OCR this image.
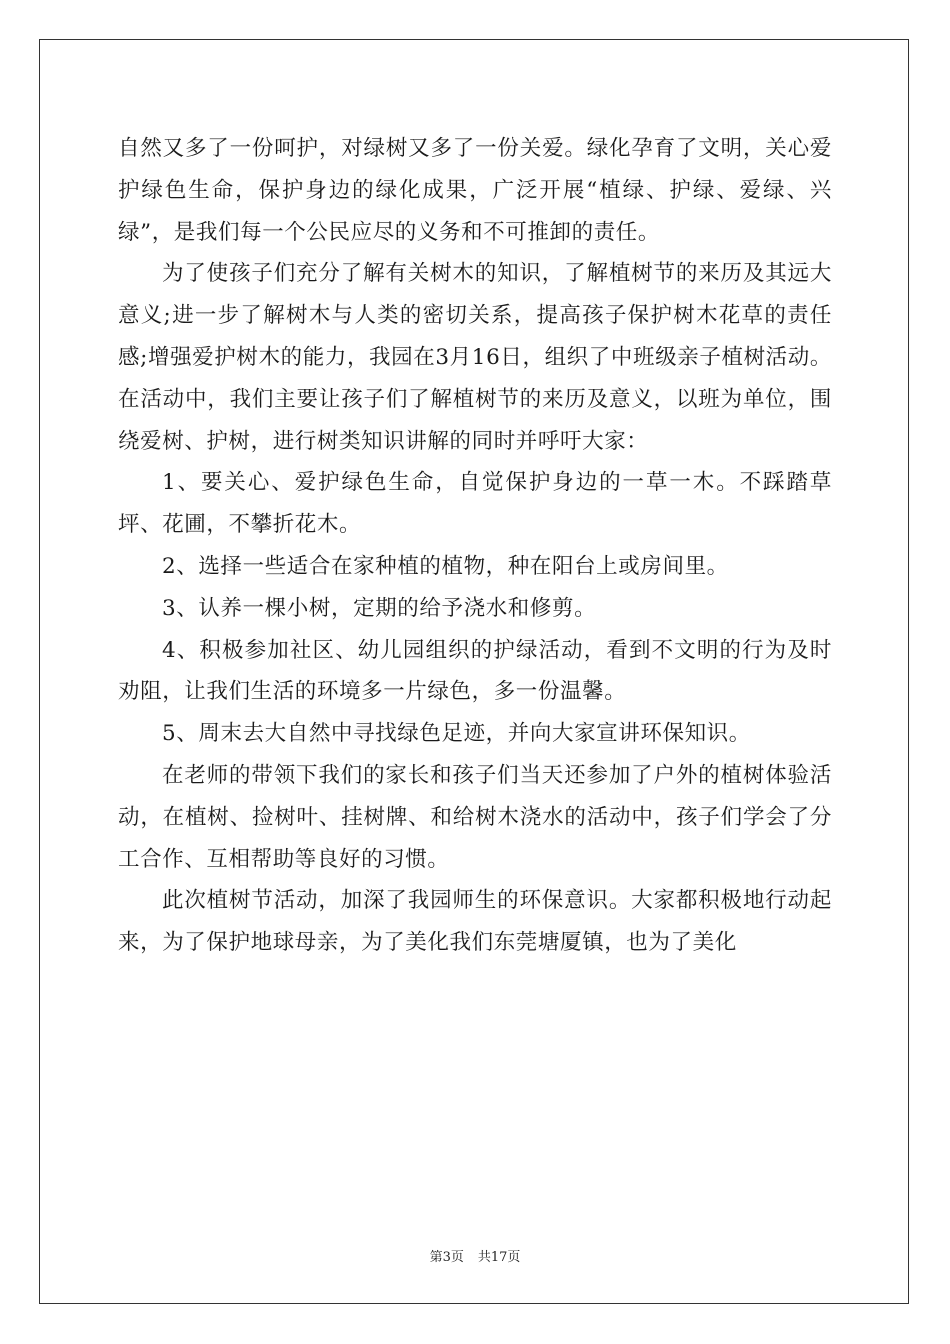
自然又多了一份呵护，对绿树又多了一份关爱。绿化孕育了文明，关心爱护绿色生命，保护身边的绿化成果，广泛开展“植绿、护绿、爱绿、兴绿”，是我们每一个公民应尽的义务和不可推卸的责任。

为了使孩子们充分了解有关树木的知识，了解植树节的来历及其远大意义;进一步了解树木与人类的密切关系，提高孩子保护树木花草的责任感;增强爱护树木的能力，我园在3月16日，组织了中班级亲子植树活动。在活动中，我们主要让孩子们了解植树节的来历及意义，以班为单位，围绕爱树、护树，进行树类知识讲解的同时并呼吁大家：

1、要关心、爱护绿色生命，自觉保护身边的一草一木。不踩踏草坪、花圃，不攀折花木。

2、选择一些适合在家种植的植物，种在阳台上或房间里。

3、认养一棵小树，定期的给予浇水和修剪。

4、积极参加社区、幼儿园组织的护绿活动，看到不文明的行为及时劝阻，让我们生活的环境多一片绿色，多一份温馨。

5、周末去大自然中寻找绿色足迹，并向大家宣讲环保知识。

在老师的带领下我们的家长和孩子们当天还参加了户外的植树体验活动，在植树、捡树叶、挂树牌、和给树木浇水的活动中，孩子们学会了分工合作、互相帮助等良好的习惯。

此次植树节活动，加深了我园师生的环保意识。大家都积极地行动起来，为了保护地球母亲，为了美化我们东莞塘厦镇，也为了美化

第3页 共17页
